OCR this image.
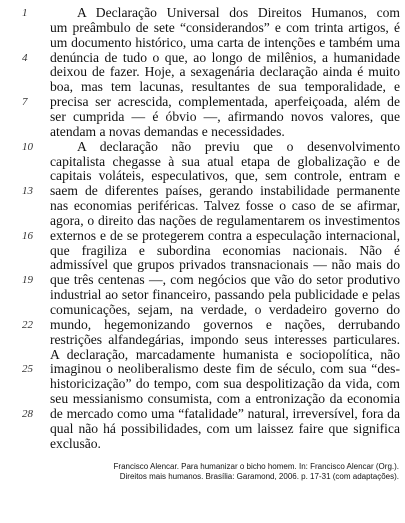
1	A Declaração Universal dos Direitos Humanos, com
um preâmbulo de sete “considerandos” e com trinta artigos, é
um documento histórico, uma carta de intenções e também uma
4 denúncia de tudo o que, ao longo de milênios, a humanidade
deixou de fazer. Hoje, a sexagenária declaração ainda é muito
boa, mas tem lacunas, resultantes de sua temporalidade, e
7 precisa ser acrescida, complementada, aperfeiçoada, além de
ser cumprida — é óbvio —, afirmando novos valores, que
atendam a novas demandas e necessidades.
10	A declaração não previu que o desenvolvimento
capitalista chegasse à sua atual etapa de globalização e de
capitais voláteis, especulativos, que, sem controle, entram e
13 saem de diferentes países, gerando instabilidade permanente
nas economias periféricas. Talvez fosse o caso de se afirmar,
agora, o direito das nações de regulamentarem os investimentos
16 externos e de se protegerem contra a especulação internacional,
que fragiliza e subordina economias nacionais. Não é
admissível que grupos privados transnacionais — não mais do
19 que três centenas —, com negócios que vão do setor produtivo
industrial ao setor financeiro, passando pela publicidade e pelas
comunicações, sejam, na verdade, o verdadeiro governo do
22 mundo, hegemonizando governos e nações, derrubando
restrições alfandegárias, impondo seus interesses particulares.
A declaração, marcadamente humanista e sociopolítica, não
25 imaginou o neoliberalismo deste fim de século, com sua “des-
historicização” do tempo, com sua despolitização da vida, com
seu messianismo consumista, com a entronização da economia
28 de mercado como uma “fatalidade” natural, irreversível, fora da
qual não há possibilidades, com um laissez faire que significa
exclusão.
Francisco Alencar. Para humanizar o bicho homem. In: Francisco Alencar (Org.).
Direitos mais humanos. Brasília: Garamond, 2006. p. 17-31 (com adaptações).
